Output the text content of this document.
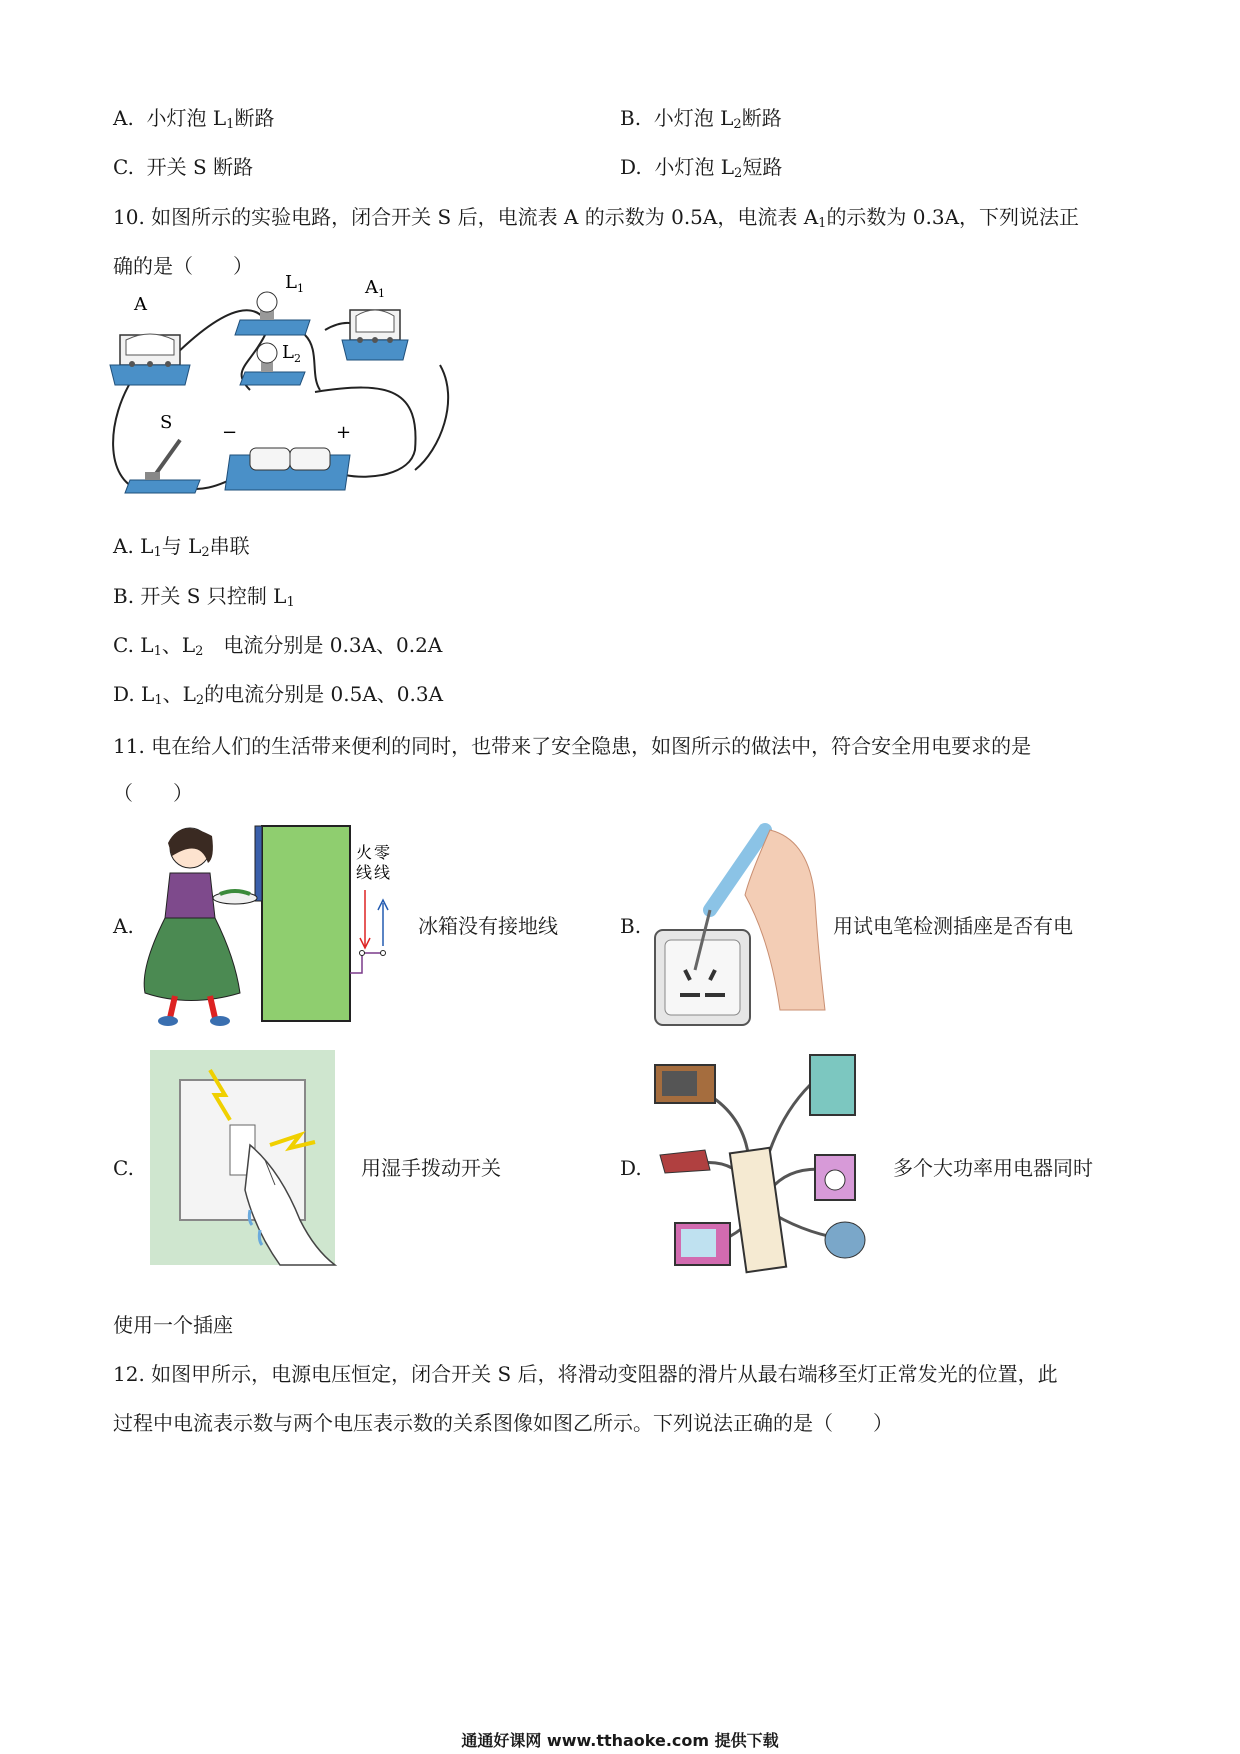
A. 小灯泡 $L_1$断路	B. 小灯泡 $L_2$断路
C. 开关 S 断路	D. 小灯泡 $L_2$短路
10. 如图所示的实验电路，闭合开关 S 后，电流表 A 的示数为 0.5A，电流表 $A_1$的示数为 0.3A，下列说法正
确的是（　　）
A
$L_1$
$L_2$
$A_1$
S	−	+
A. $L_1$与 $L_2$串联
B. 开关 S 只控制 $L_1$
C. $L_1$、$L_2$　电流分别是 0.3A、0.2A
D. $L_1$、$L_2$的电流分别是 0.5A、0.3A
11. 电在给人们的生活带来便利的同时，也带来了安全隐患，如图所示的做法中，符合安全用电要求的是
（　　）
A.
火 零
线 线
冰箱没有接地线	B.	用试电笔检测插座是否有电
C.	用湿手拨动开关	D.	多个大功率用电器同时
使用一个插座
12. 如图甲所示，电源电压恒定，闭合开关 S 后，将滑动变阻器的滑片从最右端移至灯正常发光的位置，此
过程中电流表示数与两个电压表示数的关系图像如图乙所示。下列说法正确的是（　　）
通通好课网 www.tthaoke.com 提供下载
